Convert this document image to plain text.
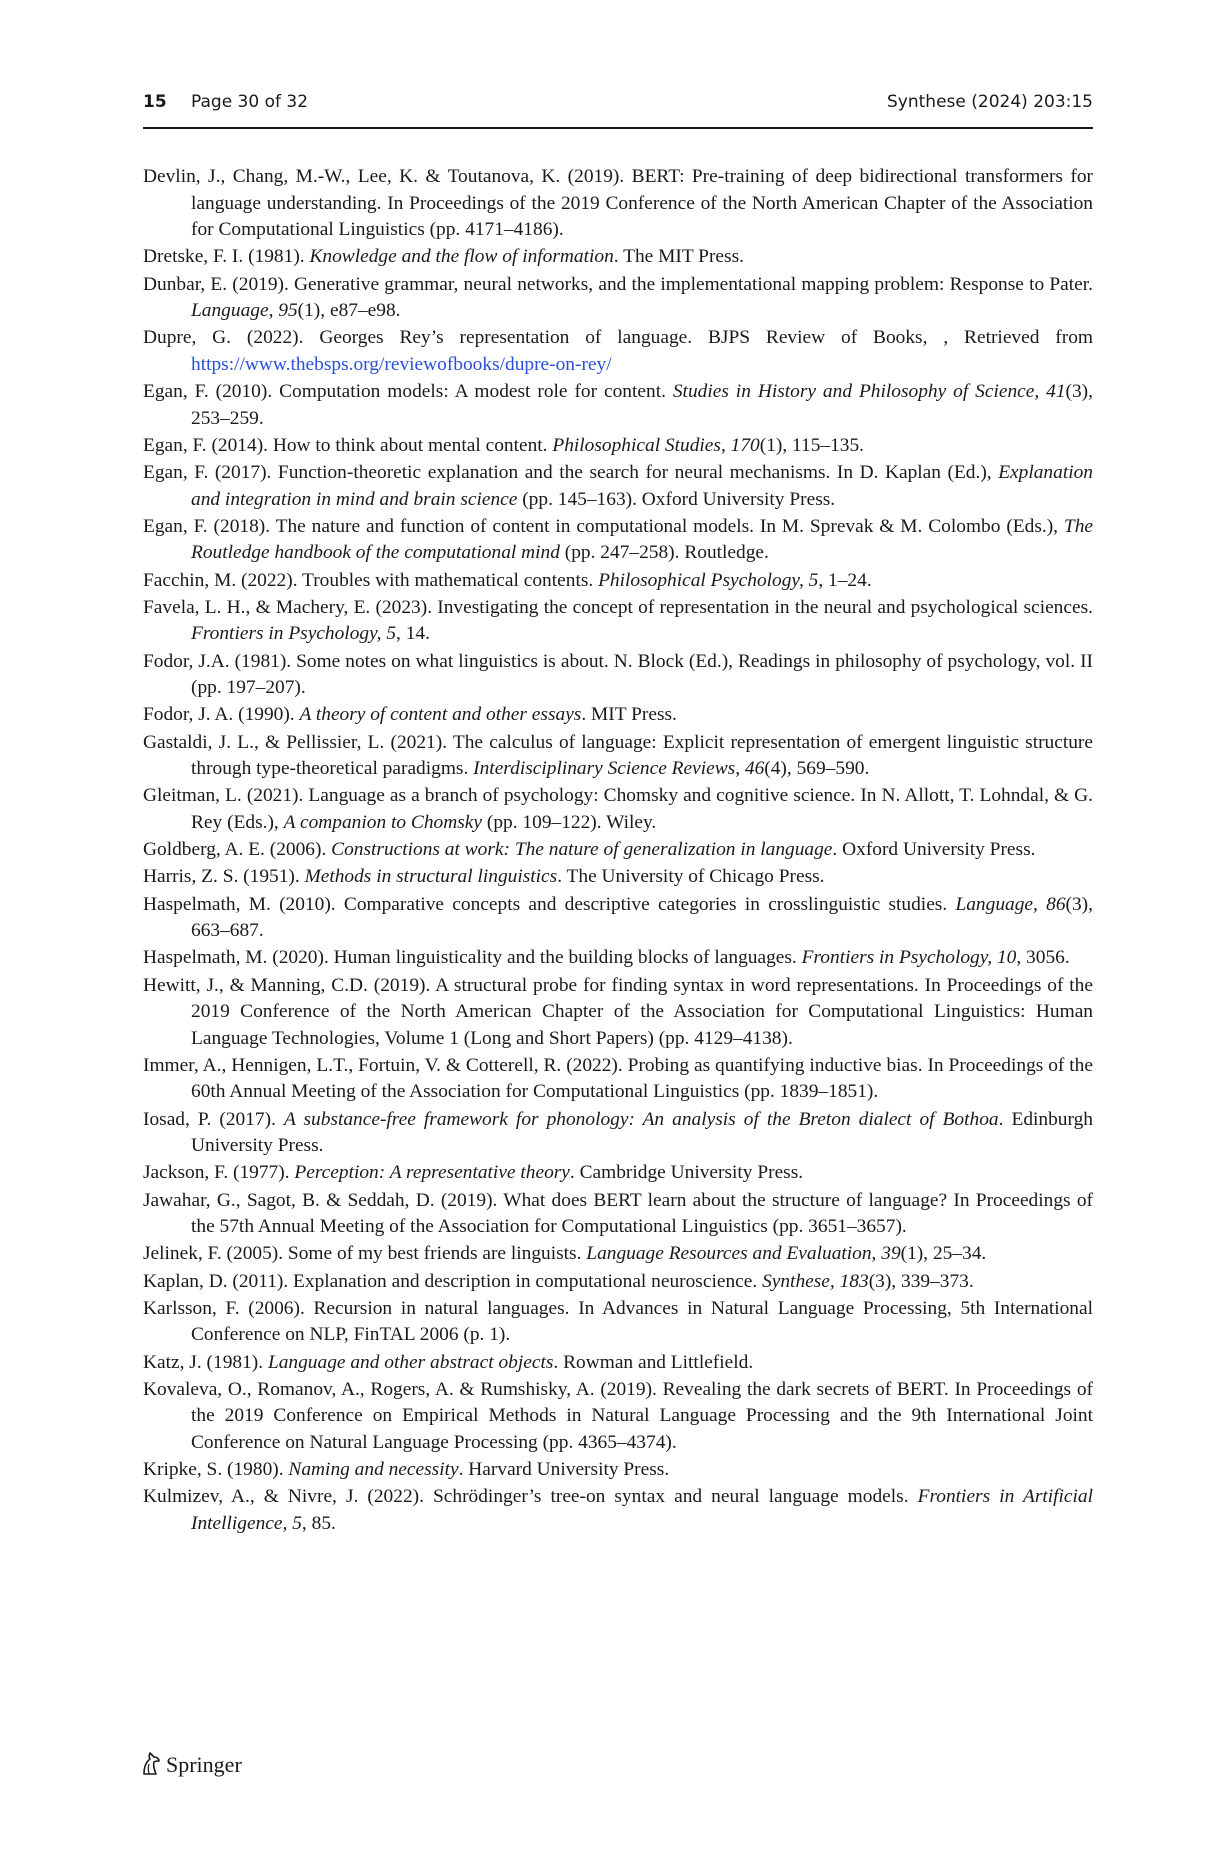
15 Page 30 of 32	Synthese (2024) 203:15
Devlin, J., Chang, M.-W., Lee, K. & Toutanova, K. (2019). BERT: Pre-training of deep bidirectional transformers for language understanding. In Proceedings of the 2019 Conference of the North American Chapter of the Association for Computational Linguistics (pp. 4171–4186).
Dretske, F. I. (1981). Knowledge and the flow of information. The MIT Press.
Dunbar, E. (2019). Generative grammar, neural networks, and the implementational mapping problem: Response to Pater. Language, 95(1), e87–e98.
Dupre, G. (2022). Georges Rey’s representation of language. BJPS Review of Books, , Retrieved from https://www.thebsps.org/reviewofbooks/dupre-on-rey/
Egan, F. (2010). Computation models: A modest role for content. Studies in History and Philosophy of Science, 41(3), 253–259.
Egan, F. (2014). How to think about mental content. Philosophical Studies, 170(1), 115–135.
Egan, F. (2017). Function-theoretic explanation and the search for neural mechanisms. In D. Kaplan (Ed.), Explanation and integration in mind and brain science (pp. 145–163). Oxford University Press.
Egan, F. (2018). The nature and function of content in computational models. In M. Sprevak & M. Colombo (Eds.), The Routledge handbook of the computational mind (pp. 247–258). Routledge.
Facchin, M. (2022). Troubles with mathematical contents. Philosophical Psychology, 5, 1–24.
Favela, L. H., & Machery, E. (2023). Investigating the concept of representation in the neural and psychological sciences. Frontiers in Psychology, 5, 14.
Fodor, J.A. (1981). Some notes on what linguistics is about. N. Block (Ed.), Readings in philosophy of psychology, vol. II (pp. 197–207).
Fodor, J. A. (1990). A theory of content and other essays. MIT Press.
Gastaldi, J. L., & Pellissier, L. (2021). The calculus of language: Explicit representation of emergent linguistic structure through type-theoretical paradigms. Interdisciplinary Science Reviews, 46(4), 569–590.
Gleitman, L. (2021). Language as a branch of psychology: Chomsky and cognitive science. In N. Allott, T. Lohndal, & G. Rey (Eds.), A companion to Chomsky (pp. 109–122). Wiley.
Goldberg, A. E. (2006). Constructions at work: The nature of generalization in language. Oxford University Press.
Harris, Z. S. (1951). Methods in structural linguistics. The University of Chicago Press.
Haspelmath, M. (2010). Comparative concepts and descriptive categories in crosslinguistic studies. Language, 86(3), 663–687.
Haspelmath, M. (2020). Human linguisticality and the building blocks of languages. Frontiers in Psychology, 10, 3056.
Hewitt, J., & Manning, C.D. (2019). A structural probe for finding syntax in word representations. In Proceedings of the 2019 Conference of the North American Chapter of the Association for Computational Linguistics: Human Language Technologies, Volume 1 (Long and Short Papers) (pp. 4129–4138).
Immer, A., Hennigen, L.T., Fortuin, V. & Cotterell, R. (2022). Probing as quantifying inductive bias. In Proceedings of the 60th Annual Meeting of the Association for Computational Linguistics (pp. 1839–1851).
Iosad, P. (2017). A substance-free framework for phonology: An analysis of the Breton dialect of Bothoa. Edinburgh University Press.
Jackson, F. (1977). Perception: A representative theory. Cambridge University Press.
Jawahar, G., Sagot, B. & Seddah, D. (2019). What does BERT learn about the structure of language? In Proceedings of the 57th Annual Meeting of the Association for Computational Linguistics (pp. 3651–3657).
Jelinek, F. (2005). Some of my best friends are linguists. Language Resources and Evaluation, 39(1), 25–34.
Kaplan, D. (2011). Explanation and description in computational neuroscience. Synthese, 183(3), 339–373.
Karlsson, F. (2006). Recursion in natural languages. In Advances in Natural Language Processing, 5th International Conference on NLP, FinTAL 2006 (p. 1).
Katz, J. (1981). Language and other abstract objects. Rowman and Littlefield.
Kovaleva, O., Romanov, A., Rogers, A. & Rumshisky, A. (2019). Revealing the dark secrets of BERT. In Proceedings of the 2019 Conference on Empirical Methods in Natural Language Processing and the 9th International Joint Conference on Natural Language Processing (pp. 4365–4374).
Kripke, S. (1980). Naming and necessity. Harvard University Press.
Kulmizev, A., & Nivre, J. (2022). Schrödinger’s tree-on syntax and neural language models. Frontiers in Artificial Intelligence, 5, 85.
Springer
